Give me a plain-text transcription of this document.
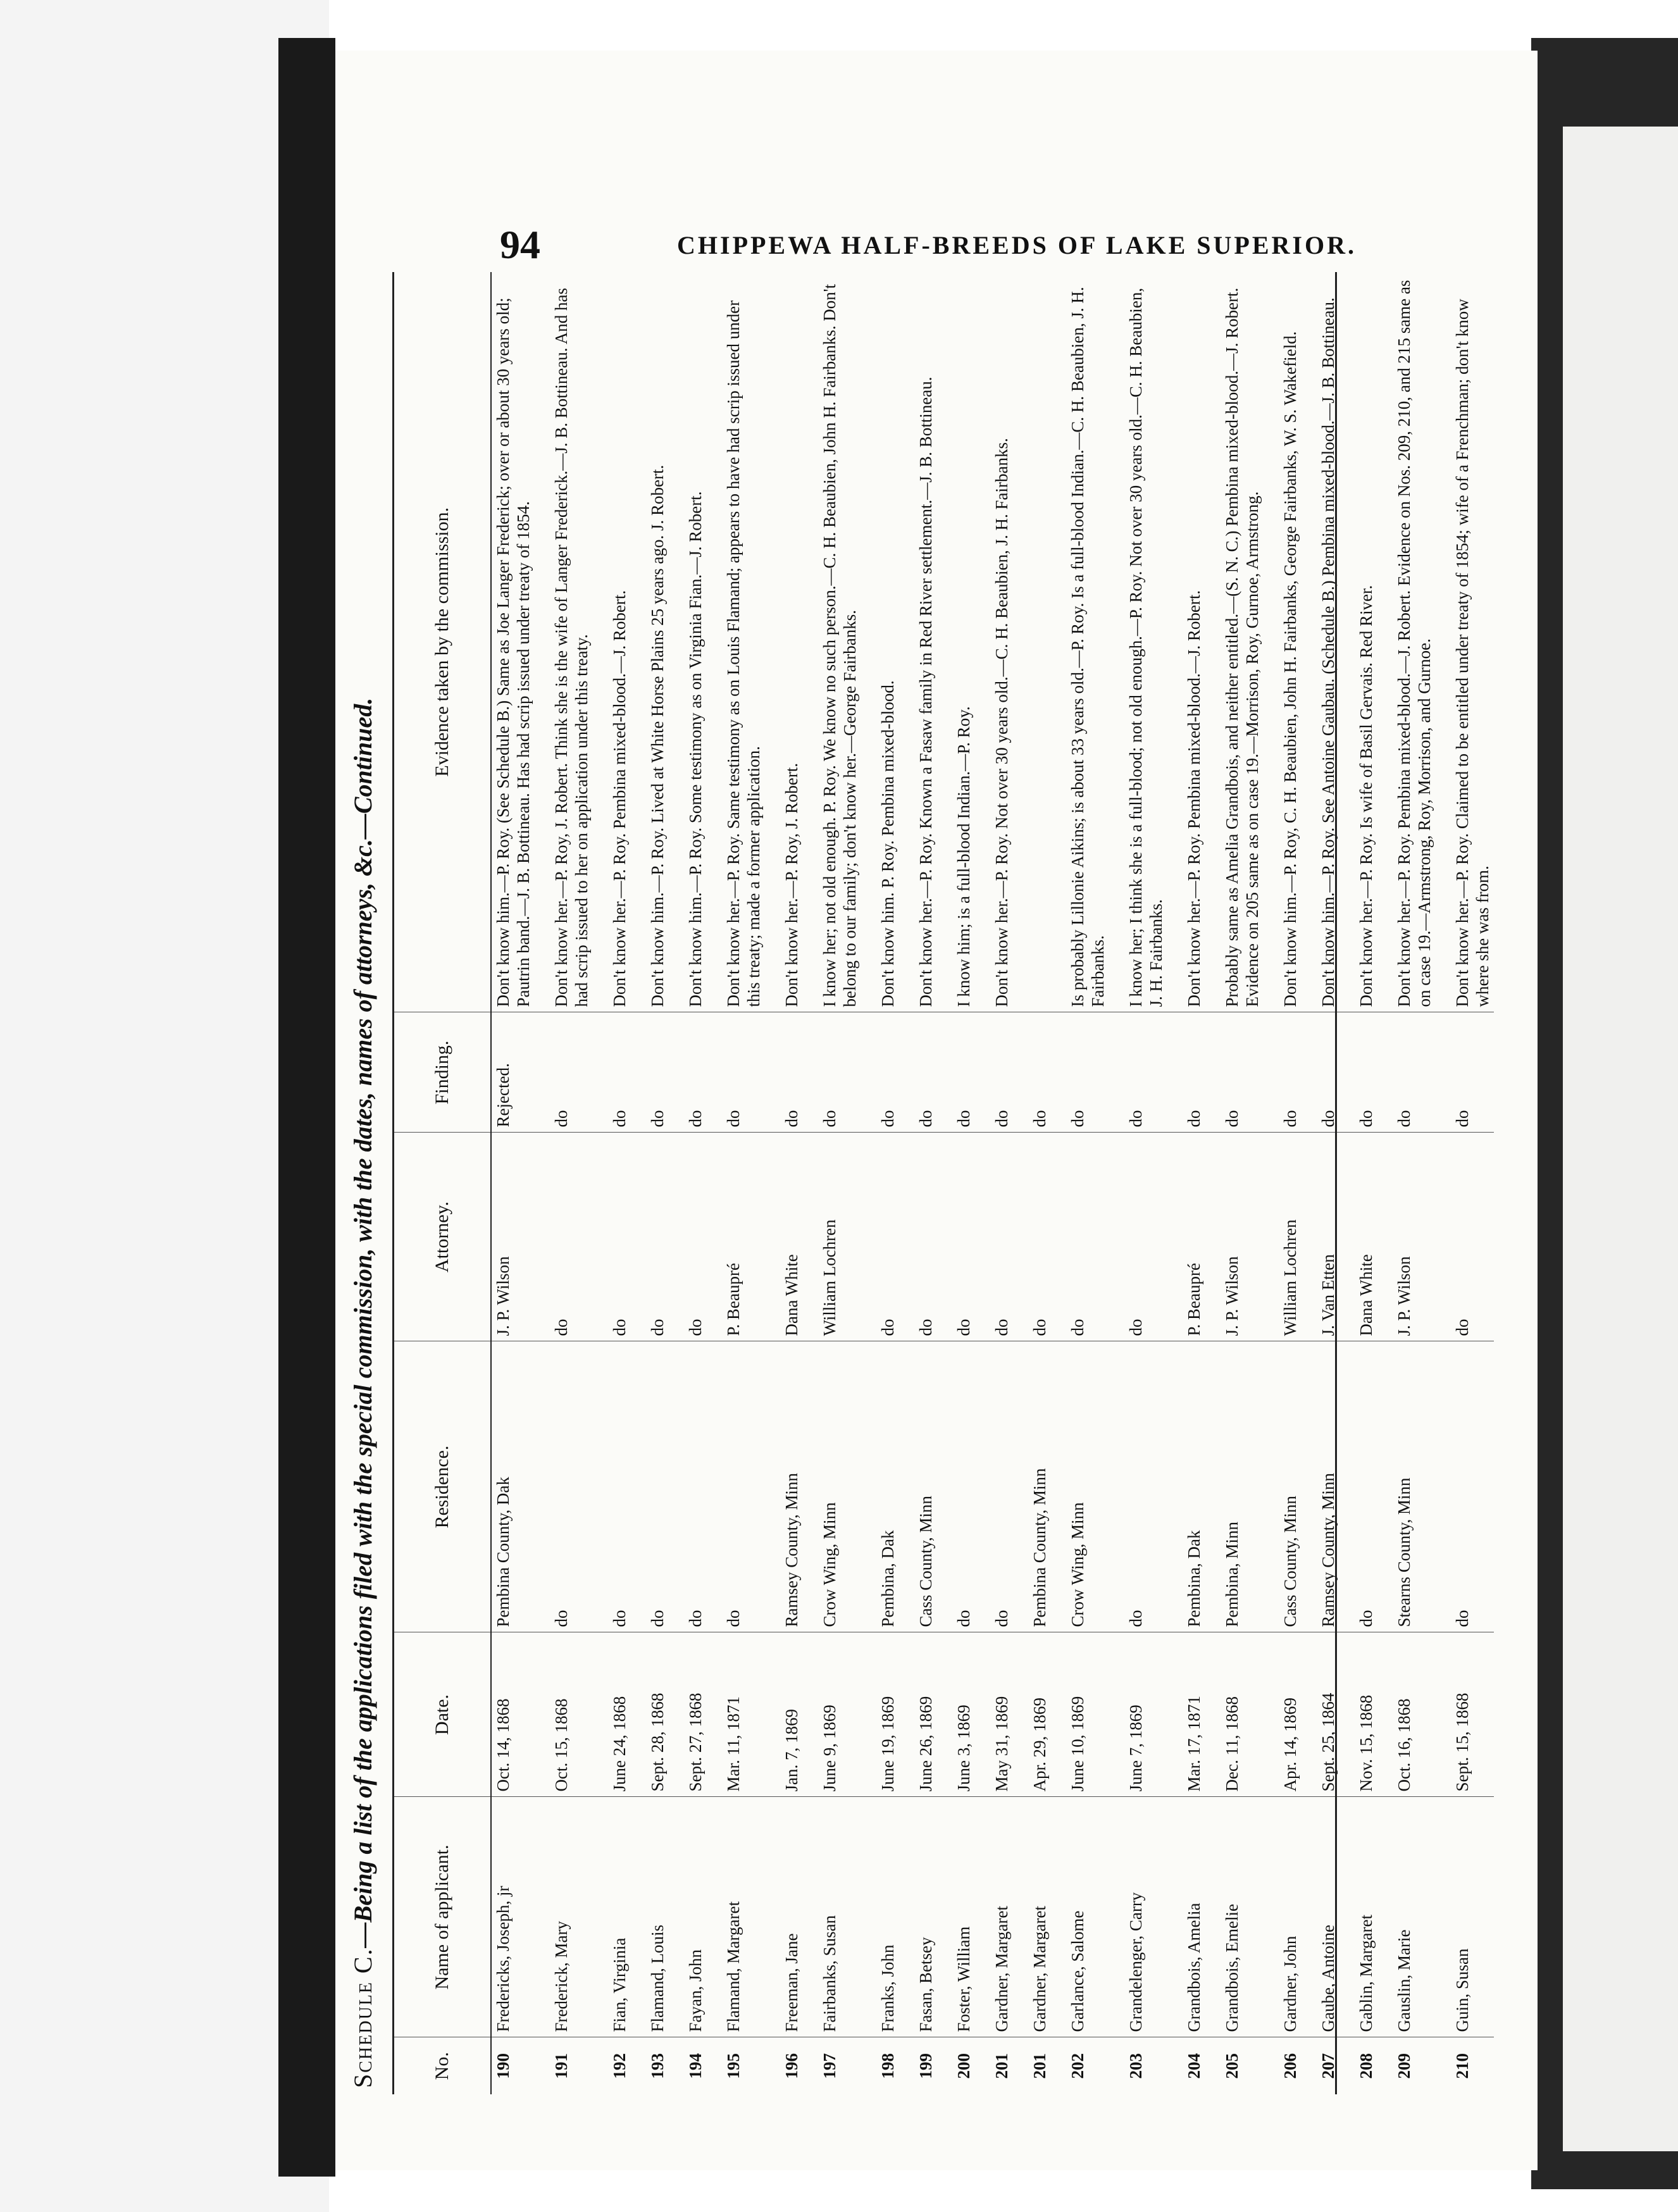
94	CHIPPEWA HALF-BREEDS OF LAKE SUPERIOR.
Schedule C.—Being a list of the applications filed with the special commission, with the dates, names of attorneys, &c.—Continued.
No.	Name of applicant.	Date.	Residence.	Attorney.	Finding.	Evidence taken by the commission.
190	Fredericks, Joseph, jr	Oct. 14, 1868	Pembina County, Dak	J. P. Wilson	Rejected.	Don't know him.—P. Roy. (See Schedule B.) Same as Joe Langer Frederick; over or about 30 years old; Pautrin band.—J. B. Bottineau. Has had scrip issued under treaty of 1854.
191	Frederick, Mary	Oct. 15, 1868	do	do	do	Don't know her.—P. Roy, J. Robert. Think she is the wife of Langer Frederick.—J. B. Bottineau. And has had scrip issued to her on application under this treaty.
192	Fian, Virginia	June 24, 1868	do	do	do	Don't know her.—P. Roy. Pembina mixed-blood.—J. Robert.
193	Flamand, Louis	Sept. 28, 1868	do	do	do	Don't know him.—P. Roy. Lived at White Horse Plains 25 years ago. J. Robert.
194	Fayan, John	Sept. 27, 1868	do	do	do	Don't know him.—P. Roy. Some testimony as on Virginia Fian.—J. Robert.
195	Flamand, Margaret	Mar. 11, 1871	do	P. Beaupré	do	Don't know her.—P. Roy. Same testimony as on Louis Flamand; appears to have had scrip issued under this treaty; made a former application.
196	Freeman, Jane	Jan. 7, 1869	Ramsey County, Minn	Dana White	do	Don't know her.—P. Roy, J. Robert.
197	Fairbanks, Susan	June 9, 1869	Crow Wing, Minn	William Lochren	do	I know her; not old enough. P. Roy. We know no such person.—C. H. Beaubien, John H. Fairbanks. Don't belong to our family; don't know her.—George Fairbanks.
198	Franks, John	June 19, 1869	Pembina, Dak	do	do	Don't know him. P. Roy. Pembina mixed-blood.
199	Fasan, Betsey	June 26, 1869	Cass County, Minn	do	do	Don't know her.—P. Roy. Known a Fasaw family in Red River settlement.—J. B. Bottineau.
200	Foster, William	June 3, 1869	do	do	do	I know him; is a full-blood Indian.—P. Roy.
201	Gardner, Margaret	May 31, 1869	do	do	do	Don't know her.—P. Roy. Not over 30 years old.—C. H. Beaubien, J. H. Fairbanks.
201	Gardner, Margaret	Apr. 29, 1869	Pembina County, Minn	do	do	
202	Garlance, Salome	June 10, 1869	Crow Wing, Minn	do	do	Is probably Lillonie Aikins; is about 33 years old.—P. Roy. Is a full-blood Indian.—C. H. Beaubien, J. H. Fairbanks.
203	Grandelenger, Carry	June 7, 1869	do	do	do	I know her; I think she is a full-blood; not old enough.—P. Roy. Not over 30 years old.—C. H. Beaubien, J. H. Fairbanks.
204	Grandbois, Amelia	Mar. 17, 1871	Pembina, Dak	P. Beaupré	do	Don't know her.—P. Roy. Pembina mixed-blood.—J. Robert.
205	Grandbois, Emelie	Dec. 11, 1868	Pembina, Minn	J. P. Wilson	do	Probably same as Amelia Grandbois, and neither entitled.—(S. N. C.) Pembina mixed-blood.—J. Robert. Evidence on 205 same as on case 19.—Morrison, Roy, Gurnoe, Armstrong.
206	Gardner, John	Apr. 14, 1869	Cass County, Minn	William Lochren	do	Don't know him.—P. Roy, C. H. Beaubien, John H. Fairbanks, George Fairbanks, W. S. Wakefield.
207	Gaube, Antoine	Sept. 25, 1864	Ramsey County, Minn	J. Van Etten	do	Don't know him.—P. Roy. See Antoine Gaubau. (Schedule B.) Pembina mixed-blood.—J. B. Bottineau.
208	Gablin, Margaret	Nov. 15, 1868	do	Dana White	do	Don't know her.—P. Roy. Is wife of Basil Gervais. Red River.
209	Gauslin, Marie	Oct. 16, 1868	Stearns County, Minn	J. P. Wilson	do	Don't know her.—P. Roy. Pembina mixed-blood.—J. Robert. Evidence on Nos. 209, 210, and 215 same as on case 19.—Armstrong, Roy, Morrison, and Gurnoe.
210	Guin, Susan	Sept. 15, 1868	do	do	do	Don't know her.—P. Roy. Claimed to be entitled under treaty of 1854; wife of a Frenchman; don't know where she was from.
